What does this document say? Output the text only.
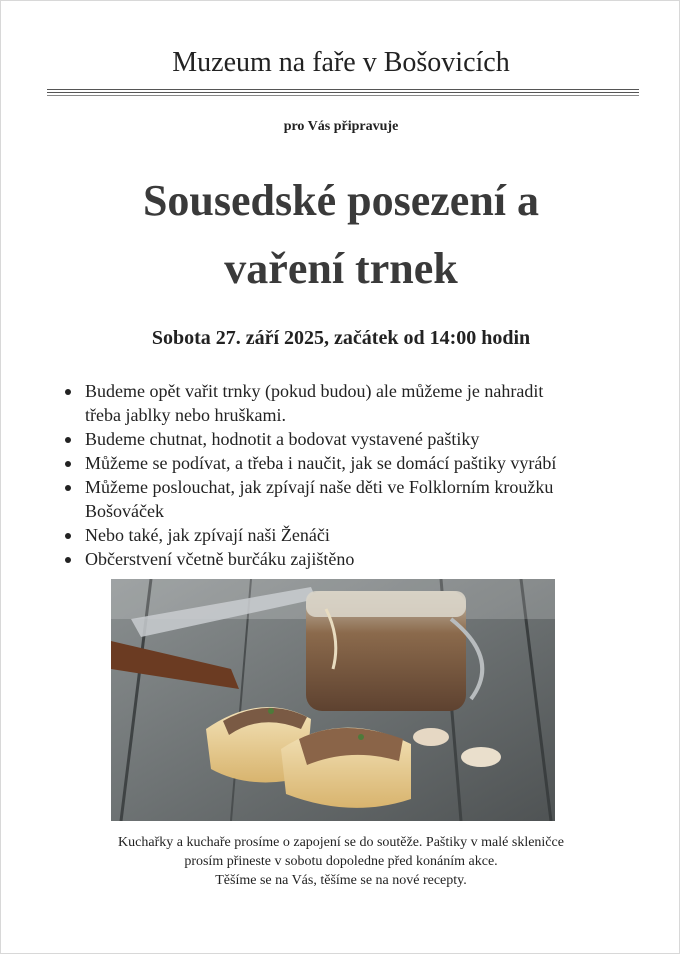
Muzeum na faře v Bošovicích
pro Vás připravuje
Sousedské posezení a
vaření trnek
Sobota 27. září 2025, začátek od 14:00 hodin
Budeme opět vařit trnky (pokud budou) ale můžeme je nahradit
třeba jablky nebo hruškami.
Budeme chutnat, hodnotit a bodovat vystavené paštiky
Můžeme se podívat, a třeba i naučit, jak se domácí paštiky vyrábí
Můžeme poslouchat, jak zpívají naše děti ve Folklorním kroužku
Bošováček
Nebo také, jak zpívají naši Ženáči
Občerstvení včetně burčáku zajištěno
Kuchařky a kuchaře prosíme o zapojení se do soutěže. Paštiky v malé skleničce
prosím přineste v sobotu dopoledne před konáním akce.
Těšíme se na Vás, těšíme se na nové recepty.
